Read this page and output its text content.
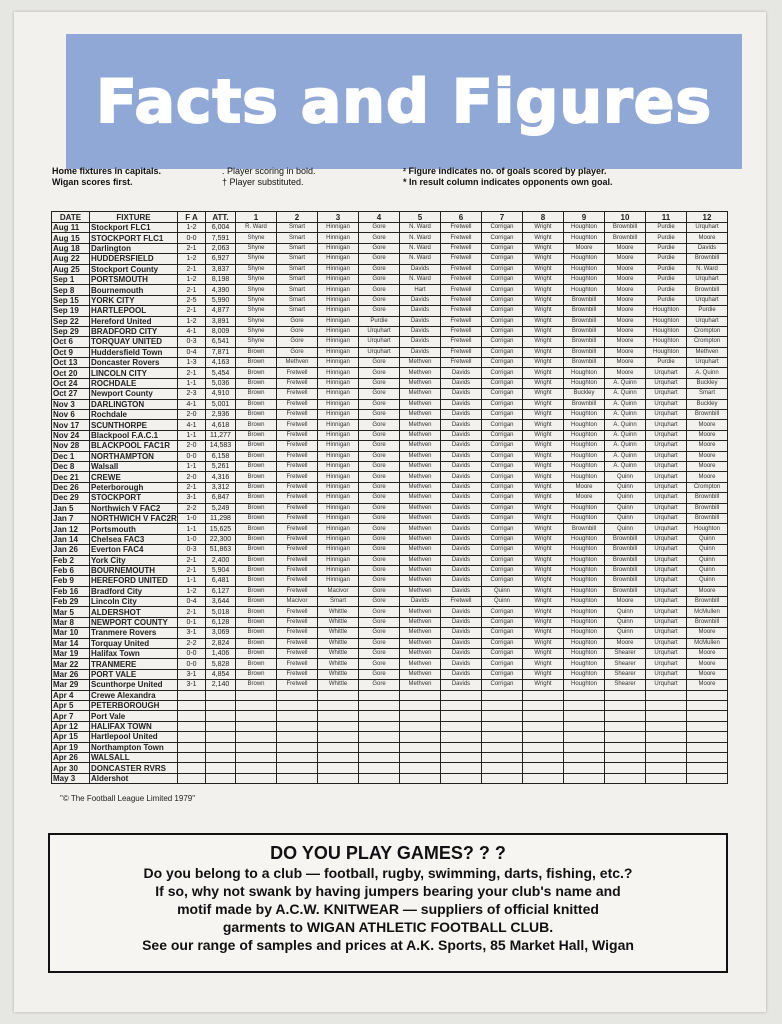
Facts and Figures
Home fixtures in capitals.
Wigan scores first.
. Player scoring in bold.
† Player substituted.
² Figure indicates no. of goals scored by player.
* In result column indicates opponents own goal.
DATE	FIXTURE	F A	ATT.	1	2	3	4	5	6	7	8	9	10	11	12
Aug 11	Stockport FLC1	1-2	6,004	R. Ward	Smart	Hinnigan	Gore	N. Ward	Fretwell	Corrigan	Wright	Houghton	Brownbill	Purdie	Urquhart
Aug 15	STOCKPORT FLC1	0-0	7,591	Shyne	Smart	Hinnigan	Gore	N. Ward	Fretwell	Corrigan	Wright	Houghton	Brownbill	Purdie	Moore
Aug 18	Darlington	2-1	2,063	Shyne	Smart	Hinnigan	Gore	N. Ward	Fretwell	Corrigan	Wright	Moore	Moore	Purdie	Davids
Aug 22	HUDDERSFIELD	1-2	6,927	Shyne	Smart	Hinnigan	Gore	N. Ward	Fretwell	Corrigan	Wright	Houghton	Moore	Purdie	Brownbill
Aug 25	Stockport County	2-1	3,837	Shyne	Smart	Hinnigan	Gore	Davids	Fretwell	Corrigan	Wright	Houghton	Moore	Purdie	N. Ward
Sep 1	PORTSMOUTH	1-2	8,198	Shyne	Smart	Hinnigan	Gore	N. Ward	Fretwell	Corrigan	Wright	Houghton	Moore	Purdie	Urquhart
Sep 8	Bournemouth	2-1	4,390	Shyne	Smart	Hinnigan	Gore	Hart	Fretwell	Corrigan	Wright	Houghton	Moore	Purdie	Brownbill
Sep 15	YORK CITY	2-5	5,990	Shyne	Smart	Hinnigan	Gore	Davids	Fretwell	Corrigan	Wright	Brownbill	Moore	Purdie	Urquhart
Sep 19	HARTLEPOOL	2-1	4,877	Shyne	Smart	Hinnigan	Gore	Davids	Fretwell	Corrigan	Wright	Brownbill	Moore	Houghton	Purdie
Sep 22	Hereford United	1-2	3,891	Shyne	Gore	Hinnigan	Purdie	Davids	Fretwell	Corrigan	Wright	Brownbill	Moore	Houghton	Urquhart
Sep 29	BRADFORD CITY	4-1	8,009	Shyne	Gore	Hinnigan	Urquhart	Davids	Fretwell	Corrigan	Wright	Brownbill	Moore	Houghton	Crompton
Oct 6	TORQUAY UNITED	0-3	6,541	Shyne	Gore	Hinnigan	Urquhart	Davids	Fretwell	Corrigan	Wright	Brownbill	Moore	Houghton	Crompton
Oct 9	Huddersfield Town	0-4	7,871	Brown	Gore	Hinnigan	Urquhart	Davids	Fretwell	Corrigan	Wright	Brownbill	Moore	Houghton	Methven
Oct 13	Doncaster Rovers	1-3	4,163	Brown	Methven	Hinnigan	Gore	Methven	Fretwell	Corrigan	Wright	Brownbill	Moore	Purdie	Urquhart
Oct 20	LINCOLN CITY	2-1	5,454	Brown	Fretwell	Hinnigan	Gore	Methven	Davids	Corrigan	Wright	Houghton	Moore	Urquhart	A. Quinn
Oct 24	ROCHDALE	1-1	5,036	Brown	Fretwell	Hinnigan	Gore	Methven	Davids	Corrigan	Wright	Houghton	A. Quinn	Urquhart	Buckley
Oct 27	Newport County	2-3	4,910	Brown	Fretwell	Hinnigan	Gore	Methven	Davids	Corrigan	Wright	Buckley	A. Quinn	Urquhart	Smart
Nov 3	DARLINGTON	4-1	5,001	Brown	Fretwell	Hinnigan	Gore	Methven	Davids	Corrigan	Wright	Brownbill	A. Quinn	Urquhart	Buckley
Nov 6	Rochdale	2-0	2,936	Brown	Fretwell	Hinnigan	Gore	Methven	Davids	Corrigan	Wright	Houghton	A. Quinn	Urquhart	Brownbill
Nov 17	SCUNTHORPE	4-1	4,618	Brown	Fretwell	Hinnigan	Gore	Methven	Davids	Corrigan	Wright	Houghton	A. Quinn	Urquhart	Moore
Nov 24	Blackpool F.A.C.1	1-1	11,277	Brown	Fretwell	Hinnigan	Gore	Methven	Davids	Corrigan	Wright	Houghton	A. Quinn	Urquhart	Moore
Nov 28	BLACKPOOL FAC1R	2-0	14,583	Brown	Fretwell	Hinnigan	Gore	Methven	Davids	Corrigan	Wright	Houghton	A. Quinn	Urquhart	Moore
Dec 1	NORTHAMPTON	0-0	6,158	Brown	Fretwell	Hinnigan	Gore	Methven	Davids	Corrigan	Wright	Houghton	A. Quinn	Urquhart	Moore
Dec 8	Walsall	1-1	5,261	Brown	Fretwell	Hinnigan	Gore	Methven	Davids	Corrigan	Wright	Houghton	A. Quinn	Urquhart	Moore
Dec 21	CREWE	2-0	4,316	Brown	Fretwell	Hinnigan	Gore	Methven	Davids	Corrigan	Wright	Houghton	Quinn	Urquhart	Moore
Dec 26	Peterborough	2-1	3,312	Brown	Fretwell	Hinnigan	Gore	Methven	Davids	Corrigan	Wright	Moore	Quinn	Urquhart	Crompton
Dec 29	STOCKPORT	3-1	6,847	Brown	Fretwell	Hinnigan	Gore	Methven	Davids	Corrigan	Wright	Moore	Quinn	Urquhart	Brownbill
Jan 5	Northwich V FAC2	2-2	5,249	Brown	Fretwell	Hinnigan	Gore	Methven	Davids	Corrigan	Wright	Houghton	Quinn	Urquhart	Brownbill
Jan 7	NORTHWICH V FAC2R	1-0	11,298	Brown	Fretwell	Hinnigan	Gore	Methven	Davids	Corrigan	Wright	Houghton	Quinn	Urquhart	Brownbill
Jan 12	Portsmouth	1-1	15,625	Brown	Fretwell	Hinnigan	Gore	Methven	Davids	Corrigan	Wright	Brownbill	Quinn	Urquhart	Houghton
Jan 14	Chelsea FAC3	1-0	22,300	Brown	Fretwell	Hinnigan	Gore	Methven	Davids	Corrigan	Wright	Houghton	Brownbill	Urquhart	Quinn
Jan 26	Everton FAC4	0-3	51,863	Brown	Fretwell	Hinnigan	Gore	Methven	Davids	Corrigan	Wright	Houghton	Brownbill	Urquhart	Quinn
Feb 2	York City	2-1	2,400	Brown	Fretwell	Hinnigan	Gore	Methven	Davids	Corrigan	Wright	Houghton	Brownbill	Urquhart	Quinn
Feb 6	BOURNEMOUTH	2-1	5,904	Brown	Fretwell	Hinnigan	Gore	Methven	Davids	Corrigan	Wright	Houghton	Brownbill	Urquhart	Quinn
Feb 9	HEREFORD UNITED	1-1	6,481	Brown	Fretwell	Hinnigan	Gore	Methven	Davids	Corrigan	Wright	Houghton	Brownbill	Urquhart	Quinn
Feb 16	Bradford City	1-2	6,127	Brown	Fretwell	Macivor	Gore	Methven	Davids	Quinn	Wright	Houghton	Brownbill	Urquhart	Moore
Feb 29	Lincoln City	0-4	3,644	Brown	Macivor	Smart	Gore	Davids	Fretwell	Quinn	Wright	Houghton	Moore	Urquhart	Brownbill
Mar 5	ALDERSHOT	2-1	5,018	Brown	Fretwell	Whittle	Gore	Methven	Davids	Corrigan	Wright	Houghton	Quinn	Urquhart	McMullen
Mar 8	NEWPORT COUNTY	0-1	6,128	Brown	Fretwell	Whittle	Gore	Methven	Davids	Corrigan	Wright	Houghton	Quinn	Urquhart	Brownbill
Mar 10	Tranmere Rovers	3-1	3,069	Brown	Fretwell	Whittle	Gore	Methven	Davids	Corrigan	Wright	Houghton	Quinn	Urquhart	Moore
Mar 14	Torquay United	2-2	2,824	Brown	Fretwell	Whittle	Gore	Methven	Davids	Corrigan	Wright	Houghton	Moore	Urquhart	McMullen
Mar 19	Halifax Town	0-0	1,406	Brown	Fretwell	Whittle	Gore	Methven	Davids	Corrigan	Wright	Houghton	Shearer	Urquhart	Moore
Mar 22	TRANMERE	0-0	5,828	Brown	Fretwell	Whittle	Gore	Methven	Davids	Corrigan	Wright	Houghton	Shearer	Urquhart	Moore
Mar 26	PORT VALE	3-1	4,854	Brown	Fretwell	Whittle	Gore	Methven	Davids	Corrigan	Wright	Houghton	Shearer	Urquhart	Moore
Mar 29	Scunthorpe United	3-1	2,140	Brown	Fretwell	Whittle	Gore	Methven	Davids	Corrigan	Wright	Houghton	Shearer	Urquhart	Moore
Apr 4	Crewe Alexandra														
Apr 5	PETERBOROUGH														
Apr 7	Port Vale														
Apr 12	HALIFAX TOWN														
Apr 15	Hartlepool United														
Apr 19	Northampton Town														
Apr 26	WALSALL														
Apr 30	DONCASTER RVRS														
May 3	Aldershot														
"© The Football League Limited 1979"
DO YOU PLAY GAMES? ? ?
Do you belong to a club — football, rugby, swimming, darts, fishing, etc.?
If so, why not swank by having jumpers bearing your club's name and
motif made by A.C.W. KNITWEAR — suppliers of official knitted
garments to WIGAN ATHLETIC FOOTBALL CLUB.
See our range of samples and prices at A.K. Sports, 85 Market Hall, Wigan
